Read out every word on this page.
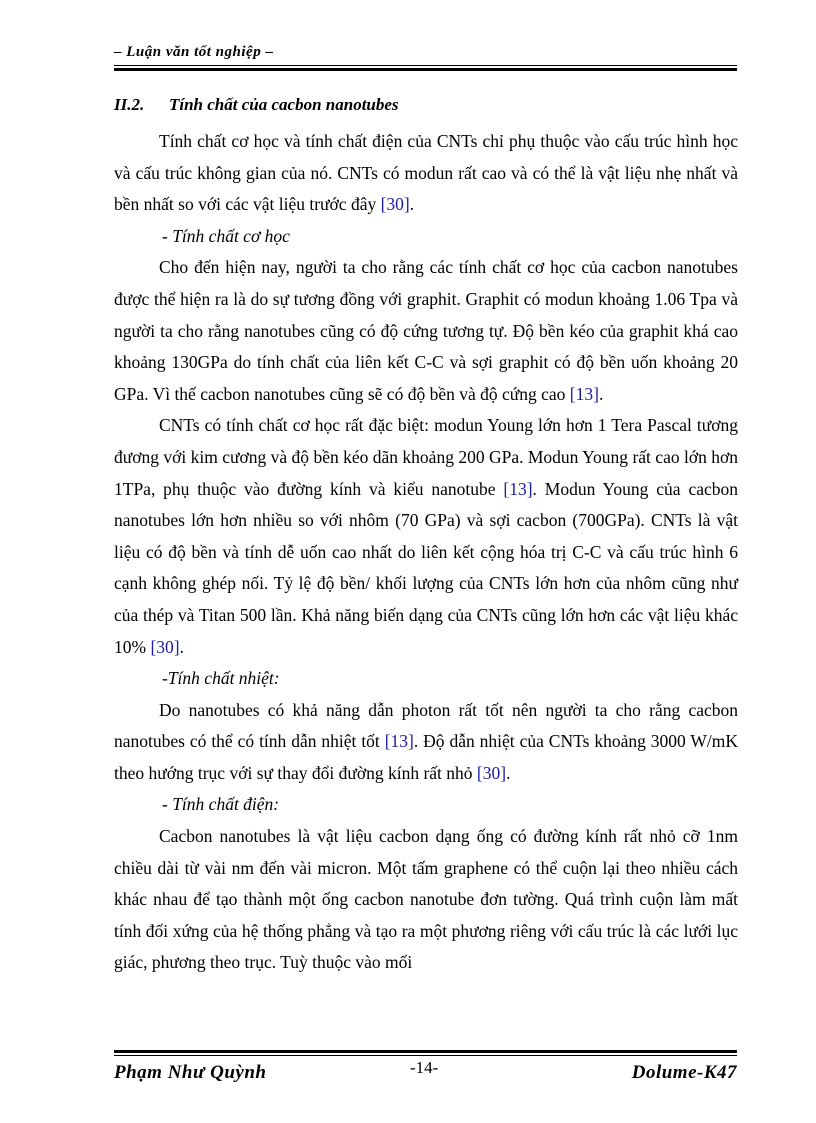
– Luận văn tốt nghiệp –
II.2. Tính chất của cacbon nanotubes

Tính chất cơ học và tính chất điện của CNTs chỉ phụ thuộc vào cấu trúc hình học và cấu trúc không gian của nó. CNTs có modun rất cao và có thể là vật liệu nhẹ nhất và bền nhất so với các vật liệu trước đây [30].

- Tính chất cơ học

Cho đến hiện nay, người ta cho rằng các tính chất cơ học của cacbon nanotubes được thể hiện ra là do sự tương đồng với graphit. Graphit có modun khoảng 1.06 Tpa và người ta cho rằng nanotubes cũng có độ cứng tương tự. Độ bền kéo của graphit khá cao khoảng 130GPa do tính chất của liên kết C-C và sợi graphit có độ bền uốn khoảng 20 GPa. Vì thế cacbon nanotubes cũng sẽ có độ bền và độ cứng cao [13].

CNTs có tính chất cơ học rất đặc biệt: modun Young lớn hơn 1 Tera Pascal tương đương với kim cương và độ bền kéo dãn khoảng 200 GPa. Modun Young rất cao lớn hơn 1TPa, phụ thuộc vào đường kính và kiểu nanotube [13]. Modun Young của cacbon nanotubes lớn hơn nhiều so với nhôm (70 GPa) và sợi cacbon (700GPa). CNTs là vật liệu có độ bền và tính dễ uốn cao nhất do liên kết cộng hóa trị C-C và cấu trúc hình 6 cạnh không ghép nối. Tỷ lệ độ bền/ khối lượng của CNTs lớn hơn của nhôm cũng như của thép và Titan 500 lần. Khả năng biến dạng của CNTs cũng lớn hơn các vật liệu khác 10% [30].

-Tính chất nhiệt:

Do nanotubes có khả năng dẫn photon rất tốt nên người ta cho rằng cacbon nanotubes có thể có tính dẫn nhiệt tốt [13]. Độ dẫn nhiệt của CNTs khoảng 3000 W/mK theo hướng trục với sự thay đổi đường kính rất nhỏ [30].

- Tính chất điện:

Cacbon nanotubes là vật liệu cacbon dạng ống có đường kính rất nhỏ cỡ 1nm chiều dài từ vài nm đến vài micron. Một tấm graphene có thể cuộn lại theo nhiều cách khác nhau để tạo thành một ống cacbon nanotube đơn tường. Quá trình cuộn làm mất tính đối xứng của hệ thống phẳng và tạo ra một phương riêng với cấu trúc là các lưới lục giác, phương theo trục. Tuỳ thuộc vào mối

Phạm Như Quỳnh	-14-	Dolume-K47
